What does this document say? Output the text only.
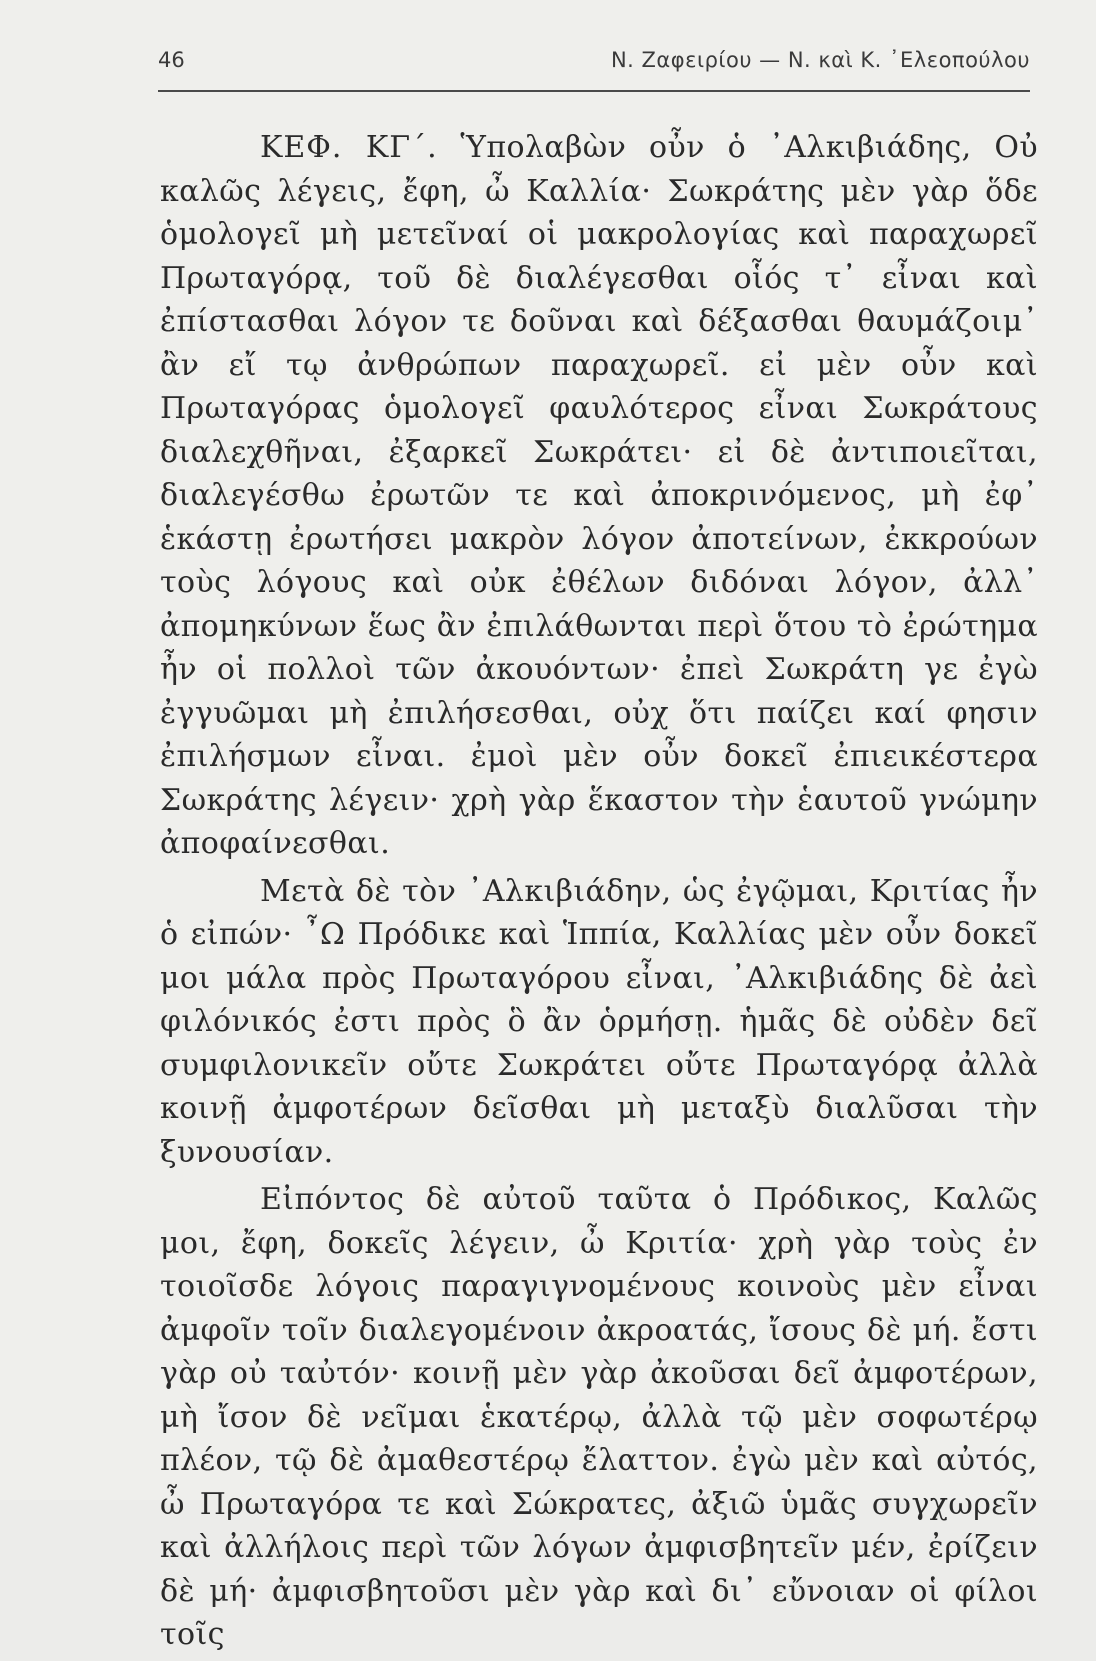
46	Ν. Ζαφειρίου — Ν. καὶ Κ. ᾽Ελεοπούλου

ΚΕΦ. ΚΓ΄. Ὑπολαβὼν οὖν ὁ ᾽Αλκιβιάδης, Οὐ καλῶς λέγεις, ἔφη, ὦ Καλλία· Σωκράτης μὲν γὰρ ὅδε ὁμολογεῖ μὴ μετεῖναί οἱ μακρολογίας καὶ παραχωρεῖ Πρωταγόρᾳ, τοῦ δὲ διαλέγεσθαι οἷός τ᾽ εἶναι καὶ ἐπίστασθαι λόγον τε δοῦναι καὶ δέξασθαι θαυμάζοιμ᾽ ἂν εἴ τῳ ἀνθρώπων παραχωρεῖ. εἰ μὲν οὖν καὶ Πρωταγόρας ὁμολογεῖ φαυλότερος εἶναι Σωκράτους διαλεχθῆναι, ἐξαρκεῖ Σωκράτει· εἰ δὲ ἀντιποιεῖται, διαλεγέσθω ἐρωτῶν τε καὶ ἀποκρινόμενος, μὴ ἐφ᾽ ἑκάστῃ ἐρωτήσει μακρὸν λόγον ἀποτείνων, ἐκκρούων τοὺς λόγους καὶ οὐκ ἐθέλων διδόναι λόγον, ἀλλ᾽ ἀπομηκύνων ἕως ἂν ἐπιλάθωνται περὶ ὅτου τὸ ἐρώτημα ἦν οἱ πολλοὶ τῶν ἀκουόντων· ἐπεὶ Σωκράτη γε ἐγὼ ἐγγυῶμαι μὴ ἐπιλήσεσθαι, οὐχ ὅτι παίζει καί φησιν ἐπιλήσμων εἶναι. ἐμοὶ μὲν οὖν δοκεῖ ἐπιεικέστερα Σωκράτης λέγειν· χρὴ γὰρ ἕκαστον τὴν ἑαυτοῦ γνώμην ἀποφαίνεσθαι.

Μετὰ δὲ τὸν ᾽Αλκιβιάδην, ὡς ἐγῷμαι, Κριτίας ἦν ὁ εἰπών· ῏Ω Πρόδικε καὶ Ἱππία, Καλλίας μὲν οὖν δοκεῖ μοι μάλα πρὸς Πρωταγόρου εἶναι, ᾽Αλκιβιάδης δὲ ἀεὶ φιλόνικός ἐστι πρὸς ὃ ἂν ὁρμήσῃ. ἡμᾶς δὲ οὐδὲν δεῖ συμφιλονικεῖν οὔτε Σωκράτει οὔτε Πρωταγόρᾳ ἀλλὰ κοινῇ ἀμφοτέρων δεῖσθαι μὴ μεταξὺ διαλῦσαι τὴν ξυνουσίαν.

Εἰπόντος δὲ αὐτοῦ ταῦτα ὁ Πρόδικος, Καλῶς μοι, ἔφη, δοκεῖς λέγειν, ὦ Κριτία· χρὴ γὰρ τοὺς ἐν τοιοῖσδε λόγοις παραγιγνομένους κοινοὺς μὲν εἶναι ἀμφοῖν τοῖν διαλεγομένοιν ἀκροατάς, ἴσους δὲ μή. ἔστι γὰρ οὐ ταὐτόν· κοινῇ μὲν γὰρ ἀκοῦσαι δεῖ ἀμφοτέρων, μὴ ἴσον δὲ νεῖμαι ἑκατέρῳ, ἀλλὰ τῷ μὲν σοφωτέρῳ πλέον, τῷ δὲ ἀμαθεστέρῳ ἔλαττον. ἐγὼ μὲν καὶ αὐτός, ὦ Πρωταγόρα τε καὶ Σώκρατες, ἀξιῶ ὑμᾶς συγχωρεῖν καὶ ἀλλήλοις περὶ τῶν λόγων ἀμφισβητεῖν μέν, ἐρίζειν δὲ μή· ἀμφισβητοῦσι μὲν γὰρ καὶ δι᾽ εὔνοιαν οἱ φίλοι τοῖς
